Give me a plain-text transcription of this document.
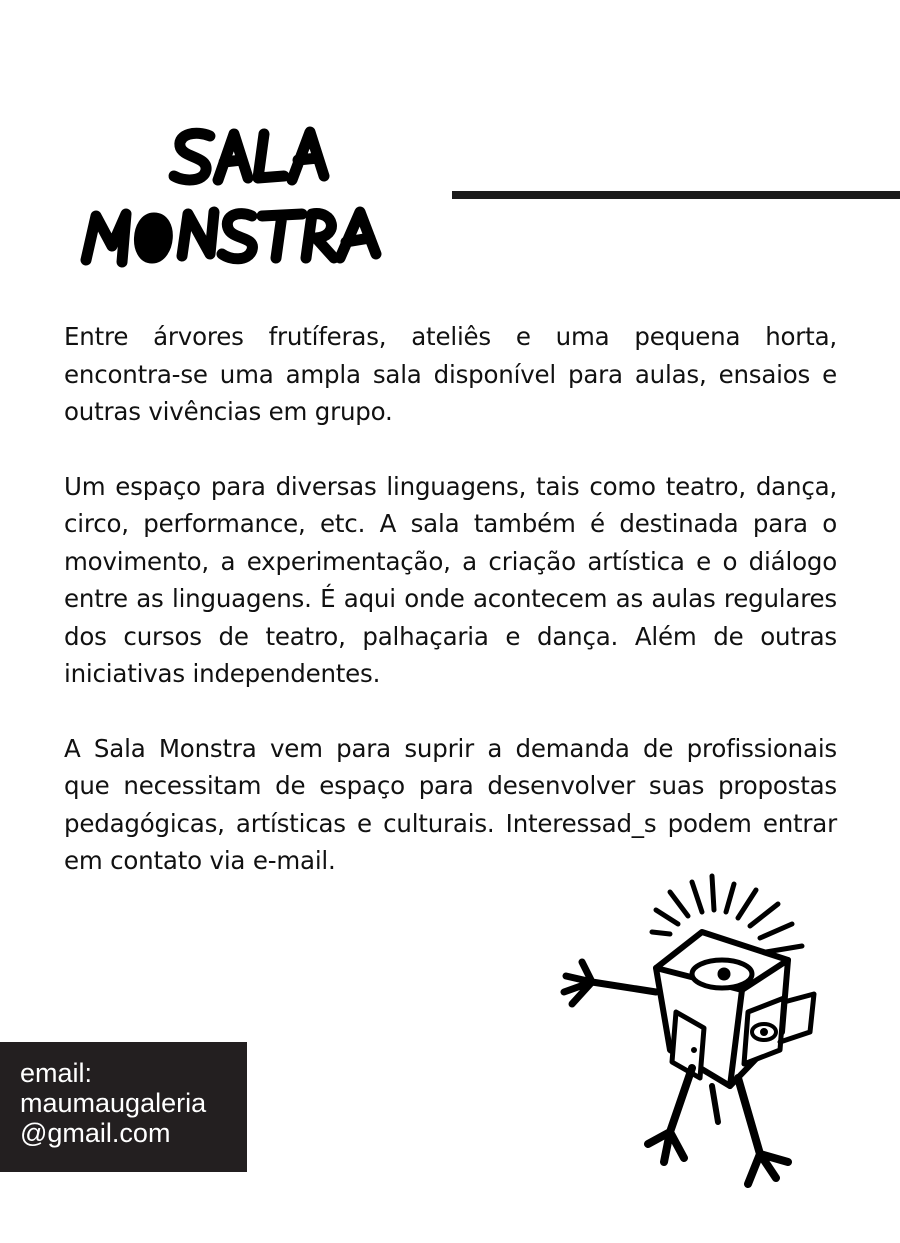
Entre árvores frutíferas, ateliês e uma pequena horta, encontra-se uma ampla sala disponível para aulas, ensaios e outras vivências em grupo.

Um espaço para diversas linguagens, tais como teatro, dança, circo, performance, etc. A sala também é destinada para o movimento, a experimentação, a criação artística e o diálogo entre as linguagens. É aqui onde acontecem as aulas regulares dos cursos de teatro, palhaçaria e dança. Além de outras iniciativas independentes.

A Sala Monstra vem para suprir a demanda de profissionais que necessitam de espaço para desenvolver suas propostas pedagógicas, artísticas e culturais. Interessad_s podem entrar em contato via e-mail.

email:
maumaugaleria
@gmail.com
